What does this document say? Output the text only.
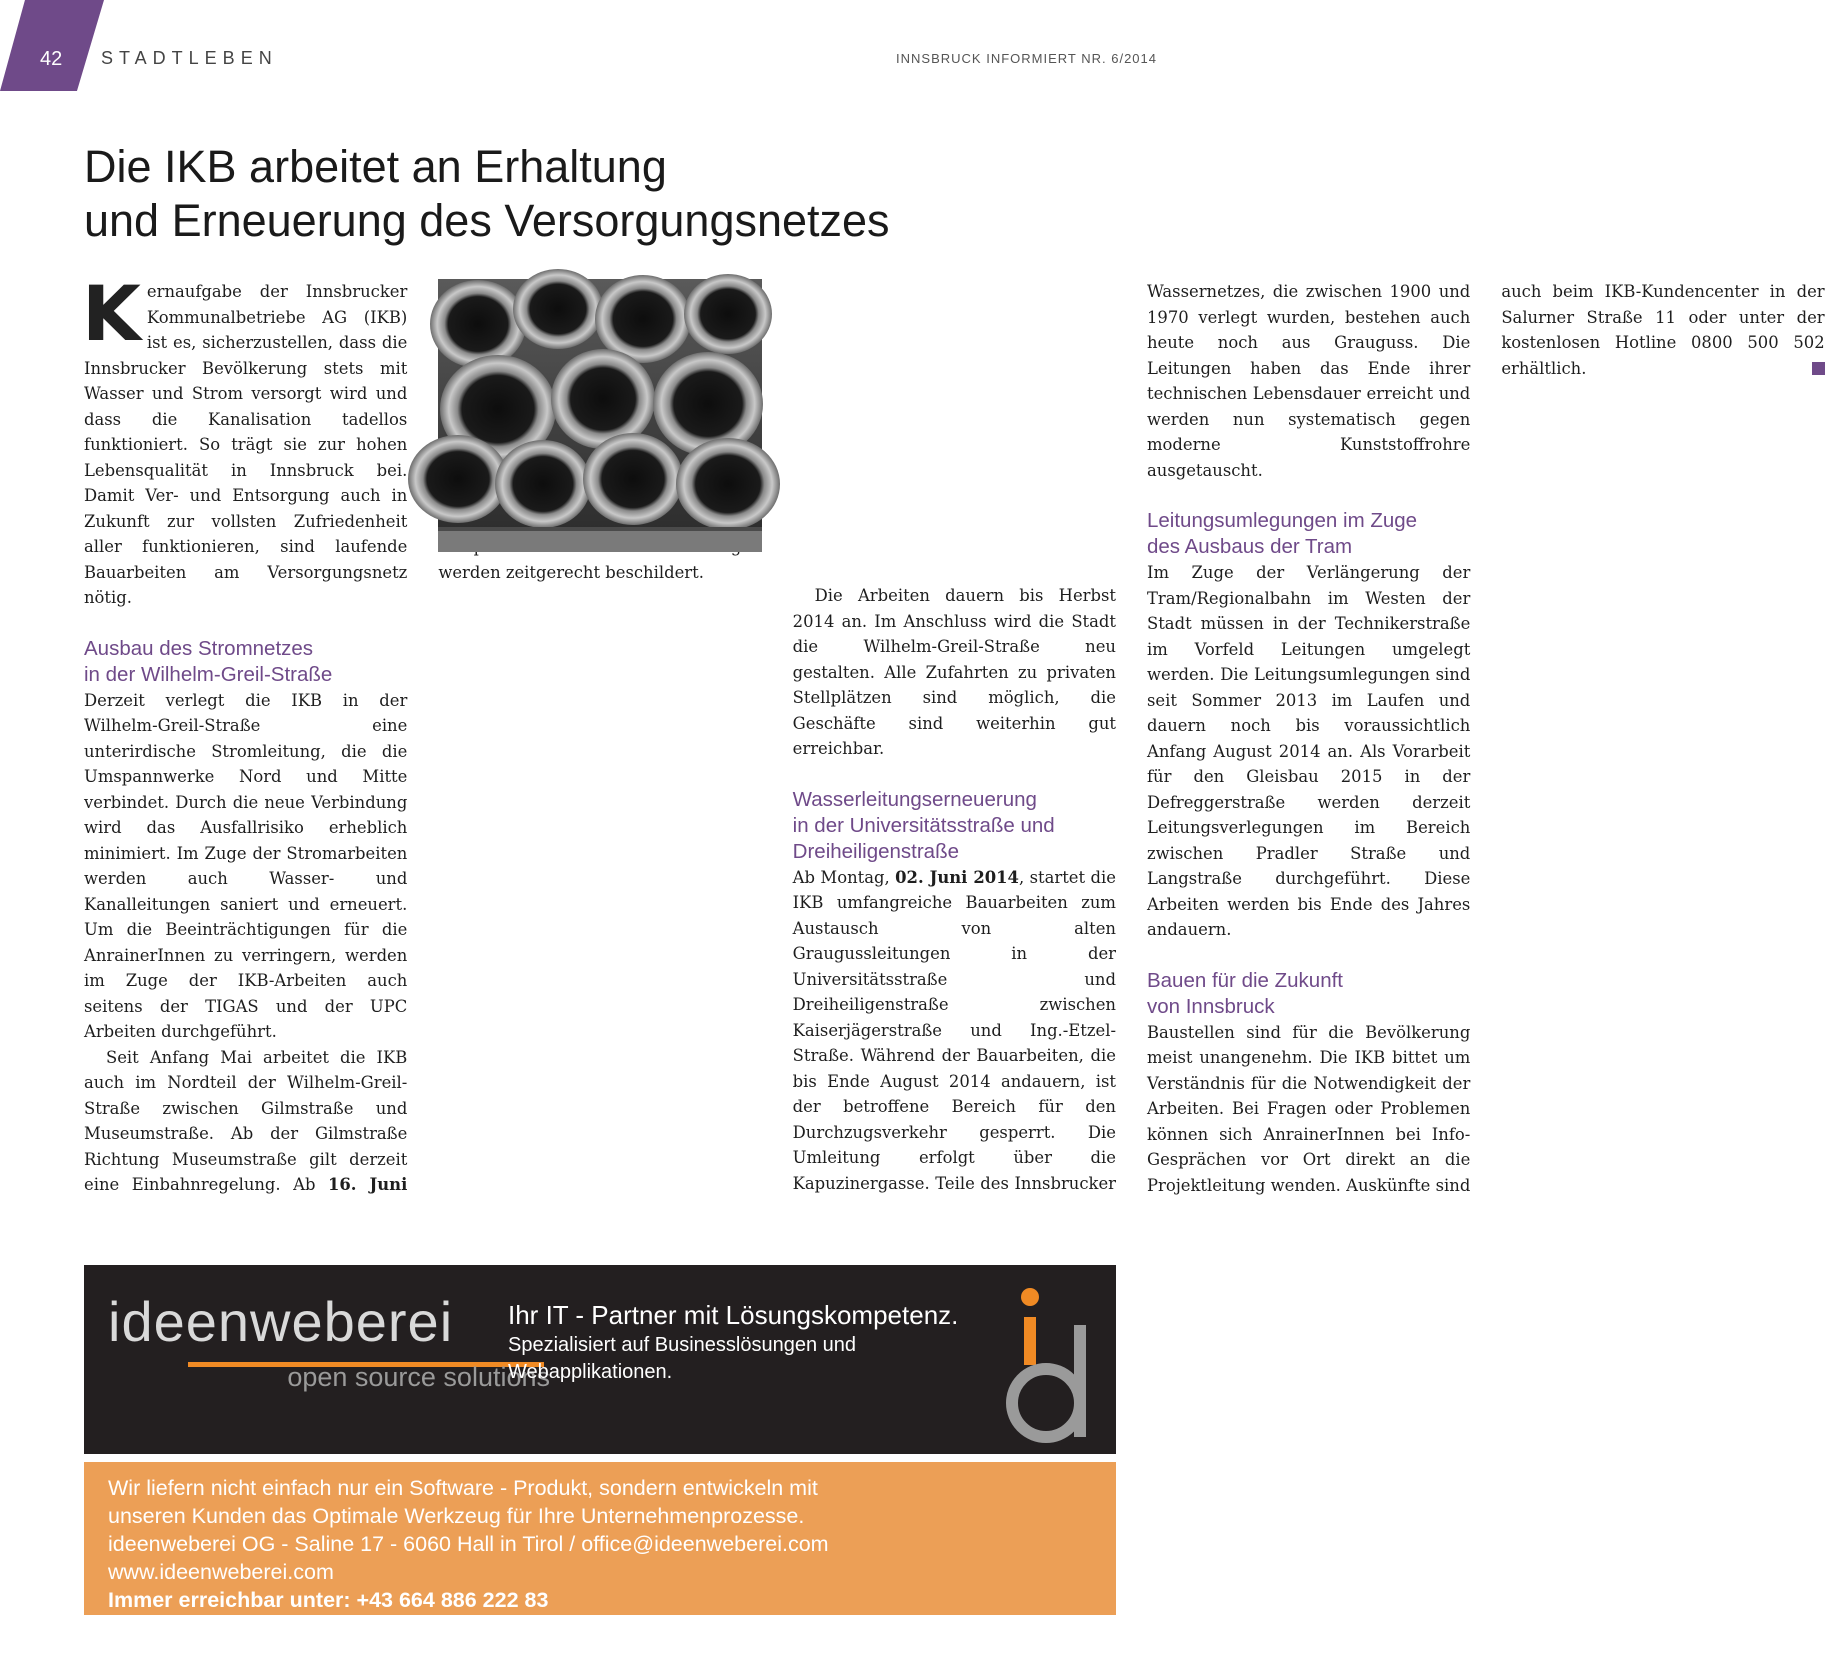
42 STADTLEBEN	INNSBRUCK INFORMIERT NR. 6/2014
Die IKB arbeitet an Erhaltung
und Erneuerung des Versorgungsnetzes

Kernaufgabe der Innsbrucker Kommunalbetriebe AG (IKB) ist es, sicherzustellen, dass die Innsbrucker Bevölkerung stets mit Wasser und Strom versorgt wird und dass die Kanalisation tadellos funktioniert. So trägt sie zur hohen Lebensqualität in Innsbruck bei. Damit Ver- und Entsorgung auch in Zukunft zur vollsten Zufriedenheit aller funktionieren, sind laufende Bauarbeiten am Versorgungsnetz nötig.

Ausbau des Stromnetzes
in der Wilhelm-Greil-Straße

Derzeit verlegt die IKB in der Wilhelm-Greil-Straße eine unterirdische Stromleitung, die die Umspannwerke Nord und Mitte verbindet. Durch die neue Verbindung wird das Ausfallrisiko erheblich minimiert. Im Zuge der Stromarbeiten werden auch Wasser- und Kanalleitungen saniert und erneuert. Um die Beeinträchtigungen für die AnrainerInnen zu verringern, werden im Zuge der IKB-Arbeiten auch seitens der TIGAS und der UPC Arbeiten durchgeführt.

Seit Anfang Mai arbeitet die IKB auch im Nordteil der Wilhelm-Greil-Straße zwischen Gilmstraße und Museumstraße. Ab der Gilmstraße Richtung Museumstraße gilt derzeit eine Einbahnregelung. Ab 16. Juni werden zeitgerecht beschildert.

Die Arbeiten dauern bis Herbst 2014 an. Im Anschluss wird die Stadt die Wilhelm-Greil-Straße neu gestalten. Alle Zufahrten zu privaten Stellplätzen sind möglich, die Geschäfte sind weiterhin gut erreichbar.

Wasserleitungserneuerung
in der Universitätsstraße und
Dreiheiligenstraße

Ab Montag, 02. Juni 2014, startet die IKB umfangreiche Bauarbeiten zum Austausch von alten Graugussleitungen in der Universitätsstraße und Dreiheiligenstraße zwischen Kaiserjägerstraße und Ing.-Etzel-Straße. Während der Bauarbeiten, die bis Ende August 2014 andauern, ist der betroffene Bereich für den Durchzugsverkehr gesperrt. Die Umleitung erfolgt über die Kapuzinergasse. Teile des Innsbrucker Wassernetzes, die zwischen 1900 und 1970 verlegt wurden, bestehen auch heute noch aus Grauguss. Die Leitungen haben das Ende ihrer technischen Lebensdauer erreicht und werden nun systematisch gegen moderne Kunststoffrohre ausgetauscht.

Leitungsumlegungen im Zuge
des Ausbaus der Tram

Im Zuge der Verlängerung der Tram/Regionalbahn im Westen der Stadt müssen in der Technikerstraße im Vorfeld Leitungen umgelegt werden. Die Leitungsumlegungen sind seit Sommer 2013 im Laufen und dauern noch bis voraussichtlich Anfang August 2014 an. Als Vorarbeit für den Gleisbau 2015 in der Defreggerstraße werden derzeit Leitungsverlegungen im Bereich zwischen Pradler Straße und Langstraße durchgeführt. Diese Arbeiten werden bis Ende des Jahres andauern.

Bauen für die Zukunft
von Innsbruck

Baustellen sind für die Bevölkerung meist unangenehm. Die IKB bittet um Verständnis für die Notwendigkeit der Arbeiten. Bei Fragen oder Problemen können sich AnrainerInnen bei Info-Gesprächen vor Ort direkt an die Projektleitung wenden. Auskünfte sind auch beim IKB-Kundencenter in der Salurner Straße 11 oder unter der kostenlosen Hotline 0800 500 502 erhältlich.

ideenweberei
open source solutions
Ihr IT - Partner mit Lösungskompetenz.
Spezialisiert auf Businesslösungen und
Webapplikationen.
Wir liefern nicht einfach nur ein Software - Produkt, sondern entwickeln mit
unseren Kunden das Optimale Werkzeug für Ihre Unternehmenprozesse.
ideenweberei OG - Saline 17 - 6060 Hall in Tirol / office@ideenweberei.com
www.ideenweberei.com
Immer erreichbar unter: +43 664 886 222 83
